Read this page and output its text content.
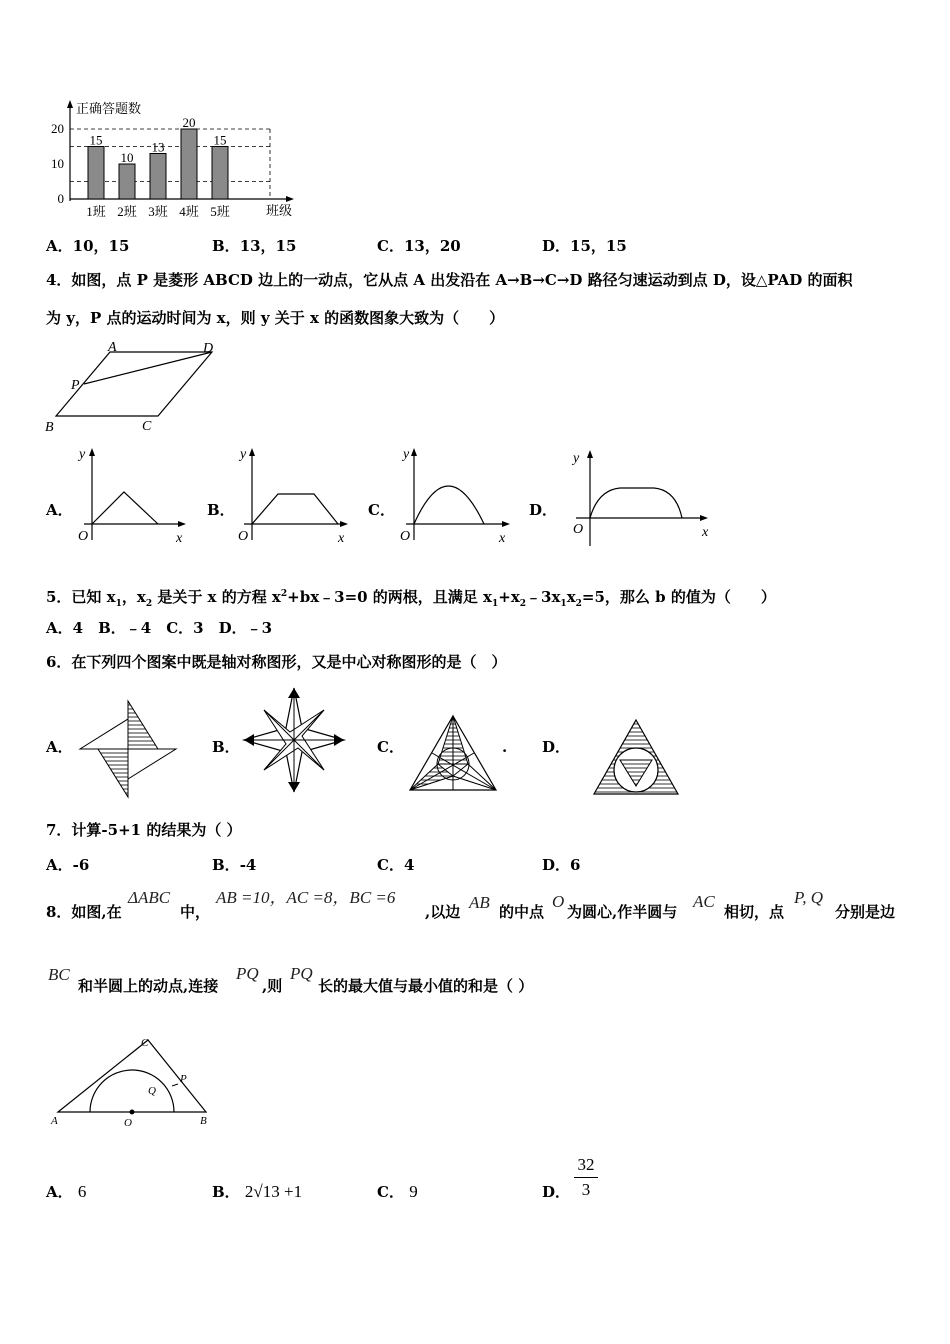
正确答题数
班级
15
10
13
20
15
0
10
20
1班 2班 3班 4班 5班
A．10，15	B．13，15	C．13，20	D．15，15
4．如图，点 P 是菱形 ABCD 边上的一动点，它从点 A 出发沿在 A→B→C→D 路径匀速运动到点 D，设△PAD 的面积
为 y，P 点的运动时间为 x，则 y 关于 x 的函数图象大致为（　　）
A	D
P
B	C
A．
y
x
O
B．
y
x
O
C．
y
x
O
D．
y
x
O
5．已知 $x_1$，$x_2$ 是关于 x 的方程 $x^2+bx﹣3=0$ 的两根，且满足 $x_1+x_2﹣3x_1x_2=5$，那么 b 的值为（　　）
A．4　B．﹣4　C．3　D．﹣3
6．在下列四个图案中既是轴对称图形，又是中心对称图形的是（　）
A．	B．	C．	. D．
7．计算-5+1 的结果为（ ）
A．-6	B．-4	C．4	D．6
8．如图,在
ΔABC
中，
AB =10，AC =8，BC =6
,以边 AB 的中点
O
为圆心,作半圆与
AC
相切，点
P, Q
分别是边
BC
和半圆上的动点,连接
PQ
,则
PQ
长的最大值与最小值的和是（ ）
C
A	B
O
P
Q
A． 6	B． 2√13 +1	C． 9	D．
32
3
